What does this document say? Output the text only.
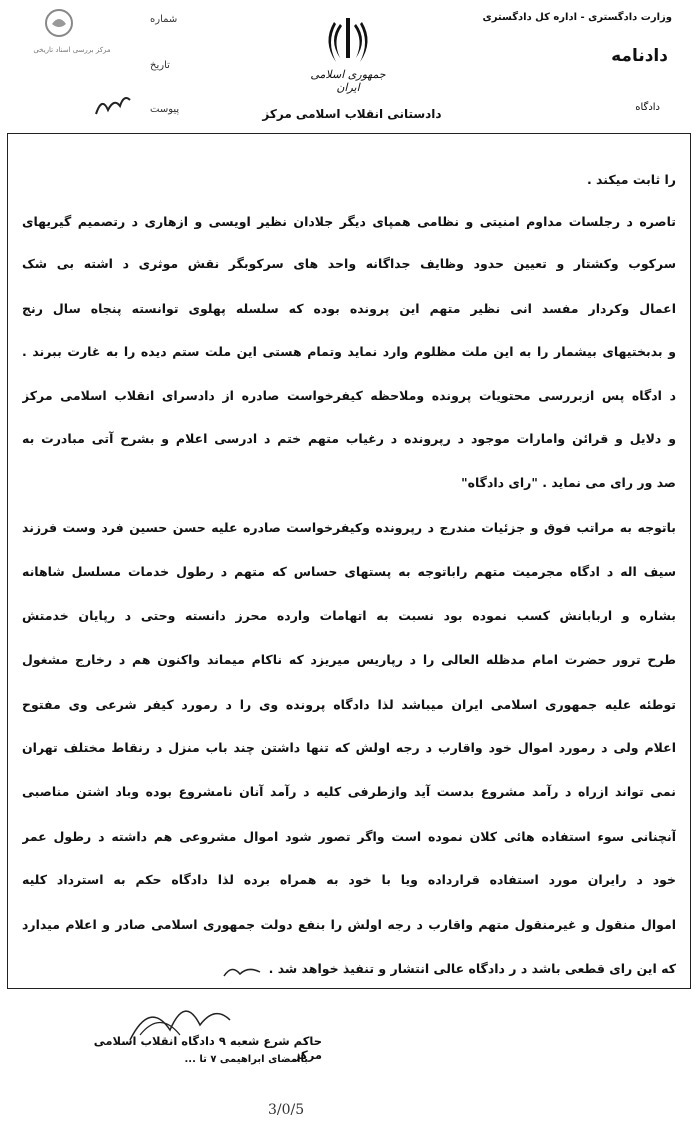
مرکز بررسی اسناد تاریخی
شماره
تاریخ
پیوست
جمهوری اسلامی ایران
دادستانی انقلاب اسلامی مرکز
وزارت دادگستری - اداره کل دادگستری
دادنامه
دادگاه
را ثابت میکند .
تاصره د رجلسات مداوم امنیتی و نظامی همپای دیگر جلادان نظیر اویسی و ازهاری د رتصمیم گیریهای
سرکوب وکشتار و تعیین حدود وظایف جداگانه واحد های سرکوبگر نقش موثری د اشته بی شک
اعمال وکردار مفسد انی نظیر متهم این پرونده بوده که سلسله پهلوی توانسته پنجاه سال رنج
و بدبختیهای بیشمار را به این ملت مظلوم وارد نماید وتمام هستی این ملت ستم دیده را به غارت ببرند .
د ادگاه پس ازبررسی محتویات پرونده وملاحظه کیفرخواست صادره از دادسرای انقلاب اسلامی مرکز
و دلایل و قرائن وامارات موجود د رپرونده د رغیاب متهم ختم د ادرسی اعلام و بشرح آتی مبادرت به
صد ور رای می نماید . "رای دادگاه"
باتوجه به مراتب فوق و جزئیات مندرج د رپرونده وکیفرخواست صادره علیه حسن حسین فرد وست فرزند
سیف اله د ادگاه مجرمیت متهم راباتوجه به پستهای حساس که متهم د رطول خدمات مسلسل شاهانه
بشاره و اربابانش کسب نموده بود نسبت به اتهامات وارده محرز دانسته وحتی د رپایان خدمتش
طرح ترور حضرت امام مدظله العالی را د رپاریس میریزد که ناکام میماند واکنون هم د رخارج مشغول
توطئه علیه جمهوری اسلامی ایران میباشد لذا دادگاه پرونده وی را د رمورد کیفر شرعی وی مفتوح
اعلام ولی د رمورد اموال خود واقارب د رجه اولش که تنها داشتن چند باب منزل د رنقاط مختلف تهران
نمی تواند ازراه د رآمد مشروع بدست آید وازطرفی کلیه د رآمد آنان نامشروع بوده وباد اشتن مناصبی
آنچنانی سوء استفاده هائی کلان نموده است واگر تصور شود اموال مشروعی هم داشته د رطول عمر
خود د رایران مورد استفاده قرارداده ویا با خود به همراه برده لذا دادگاه حکم به استرداد کلیه
اموال منقول و غیرمنقول متهم واقارب د رجه اولش را بنفع دولت جمهوری اسلامی صادر و اعلام میدارد
که این رای قطعی باشد د ر دادگاه عالی انتشار و تنفیذ خواهد شد .
حاکم شرع شعبه ۹ دادگاه انقلاب اسلامی مرکز
باامضای ابراهیمی ۷ تا ...
3/0/5
